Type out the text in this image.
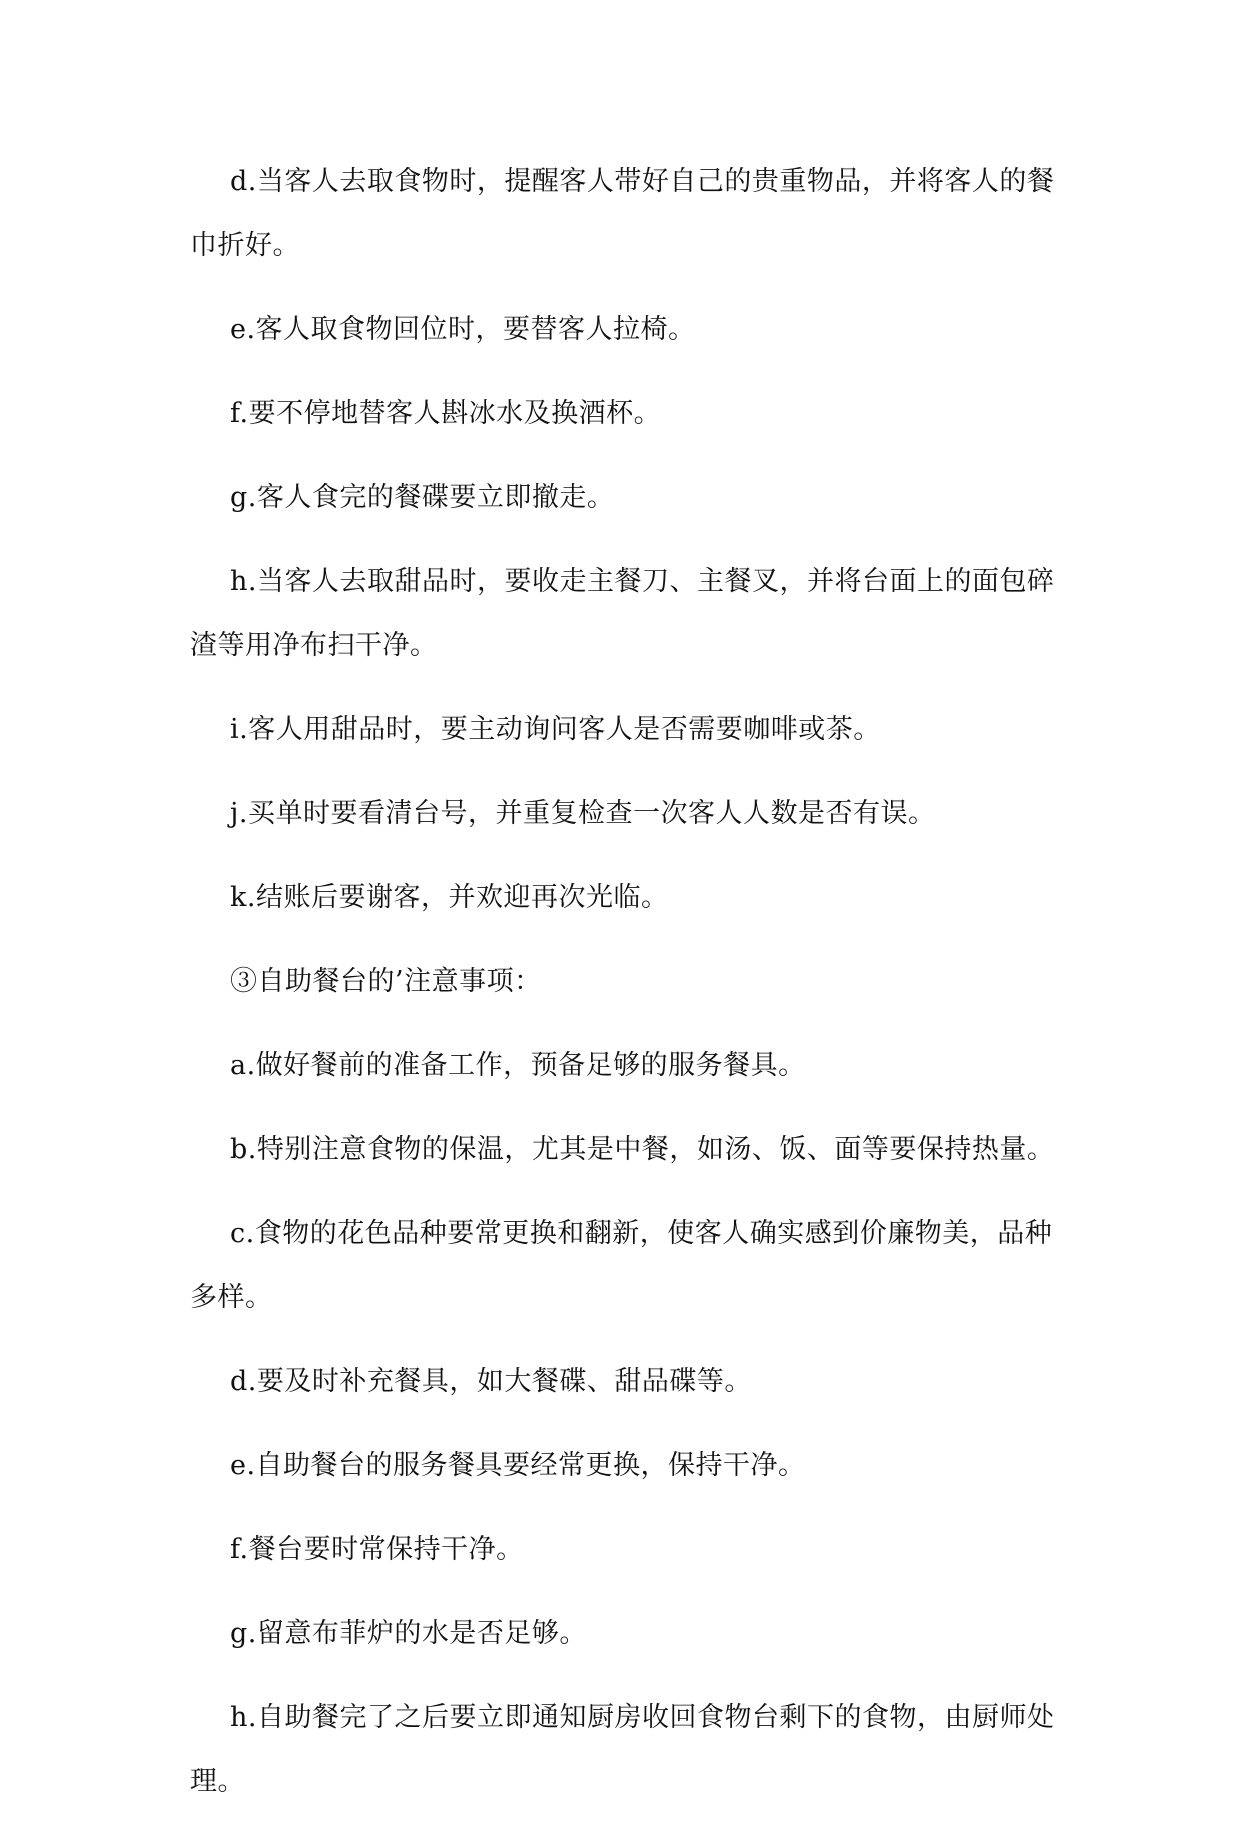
d.当客人去取食物时，提醒客人带好自己的贵重物品，并将客人的餐巾折好。

e.客人取食物回位时，要替客人拉椅。

f.要不停地替客人斟冰水及换酒杯。

g.客人食完的餐碟要立即撤走。

h.当客人去取甜品时，要收走主餐刀、主餐叉，并将台面上的面包碎渣等用净布扫干净。

i.客人用甜品时，要主动询问客人是否需要咖啡或茶。

j.买单时要看清台号，并重复检查一次客人人数是否有误。

k.结账后要谢客，并欢迎再次光临。

③自助餐台的’注意事项：

a.做好餐前的准备工作，预备足够的服务餐具。

b.特别注意食物的保温，尤其是中餐，如汤、饭、面等要保持热量。

c.食物的花色品种要常更换和翻新，使客人确实感到价廉物美，品种多样。

d.要及时补充餐具，如大餐碟、甜品碟等。

e.自助餐台的服务餐具要经常更换，保持干净。

f.餐台要时常保持干净。

g.留意布菲炉的水是否足够。

h.自助餐完了之后要立即通知厨房收回食物台剩下的食物，由厨师处理。
